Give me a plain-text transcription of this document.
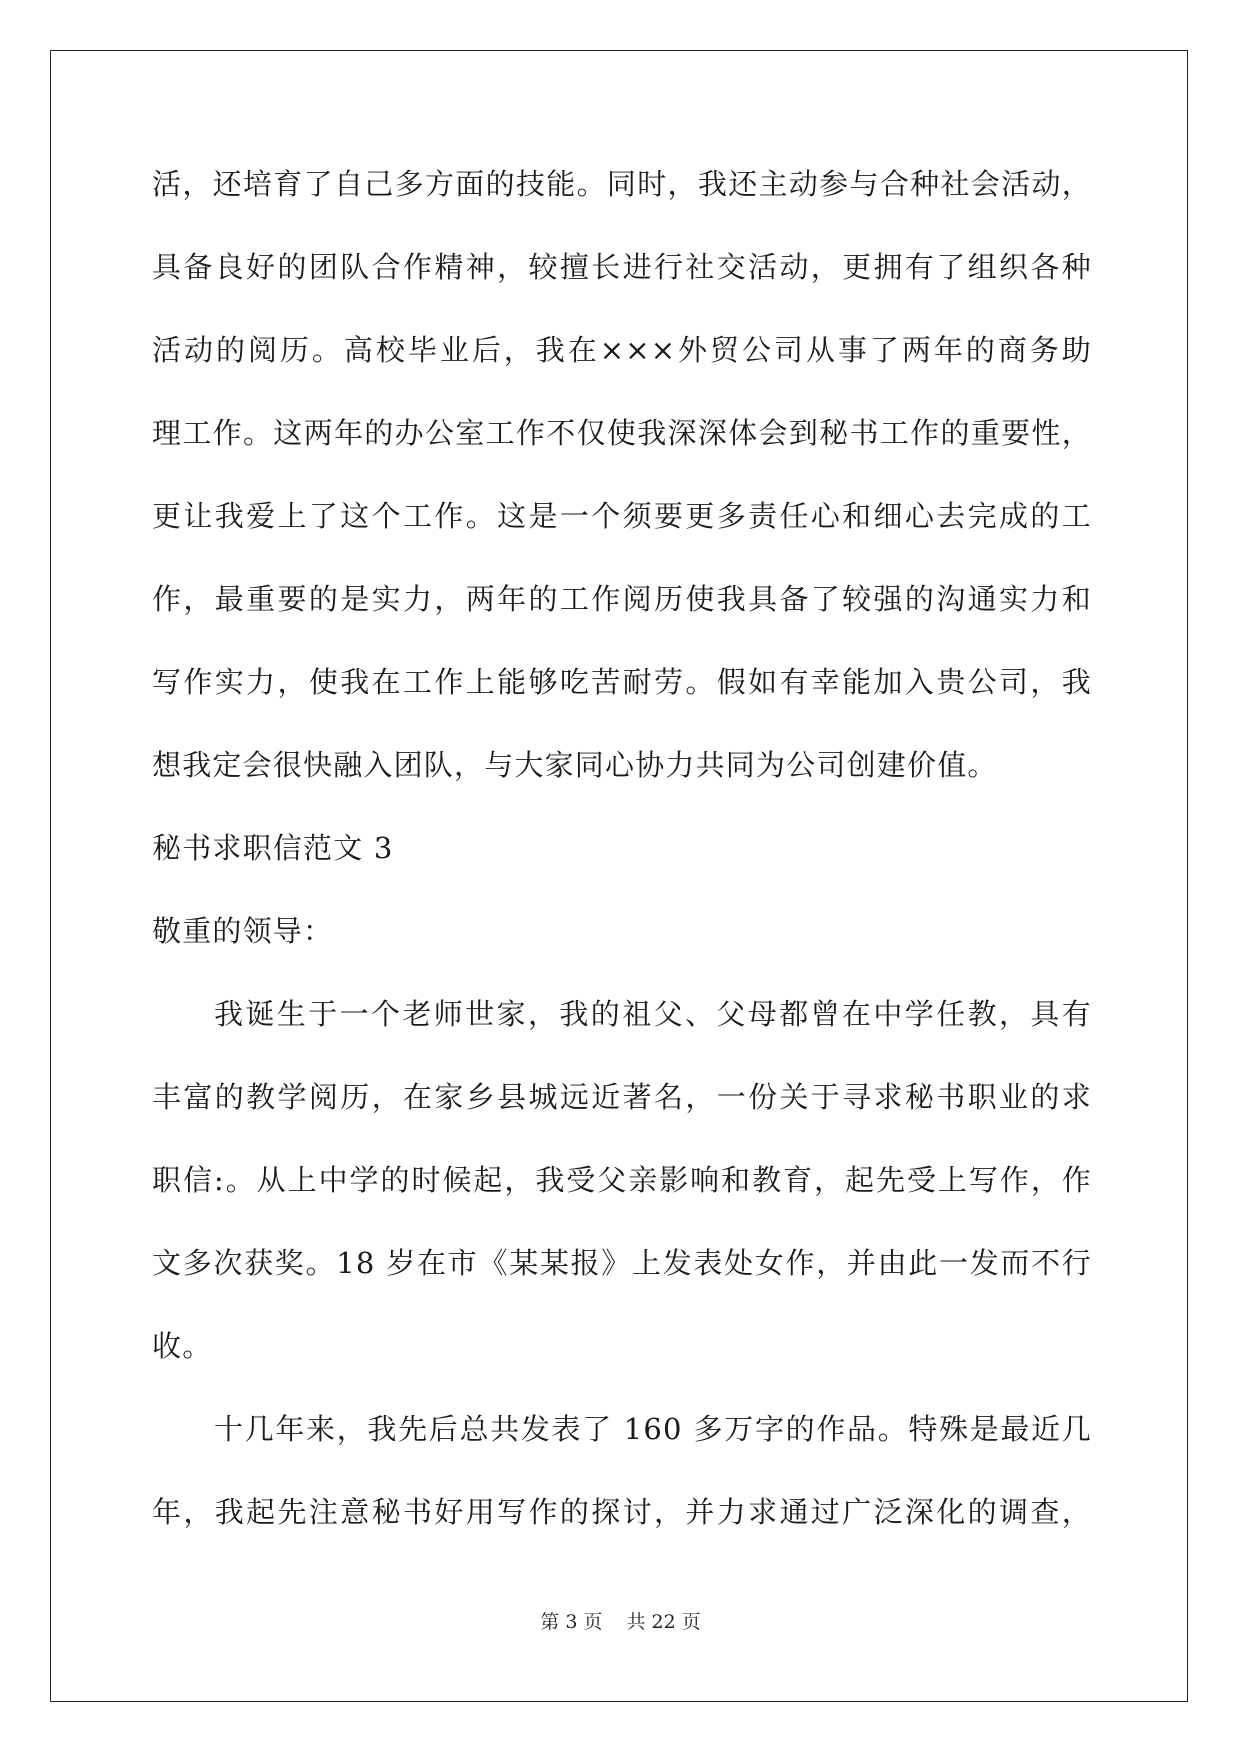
活，还培育了自己多方面的技能。同时，我还主动参与合种社会活动，
具备良好的团队合作精神，较擅长进行社交活动，更拥有了组织各种
活动的阅历。高校毕业后，我在×××外贸公司从事了两年的商务助
理工作。这两年的办公室工作不仅使我深深体会到秘书工作的重要性，
更让我爱上了这个工作。这是一个须要更多责任心和细心去完成的工
作，最重要的是实力，两年的工作阅历使我具备了较强的沟通实力和
写作实力，使我在工作上能够吃苦耐劳。假如有幸能加入贵公司，我
想我定会很快融入团队，与大家同心协力共同为公司创建价值。
秘书求职信范文 3
敬重的领导：
我诞生于一个老师世家，我的祖父、父母都曾在中学任教，具有
丰富的教学阅历，在家乡县城远近著名，一份关于寻求秘书职业的求
职信:。从上中学的时候起，我受父亲影响和教育，起先受上写作，作
文多次获奖。18 岁在市《某某报》上发表处女作，并由此一发而不行
收。
十几年来，我先后总共发表了 160 多万字的作品。特殊是最近几
年，我起先注意秘书好用写作的探讨，并力求通过广泛深化的调查，
第 3 页 共 22 页
